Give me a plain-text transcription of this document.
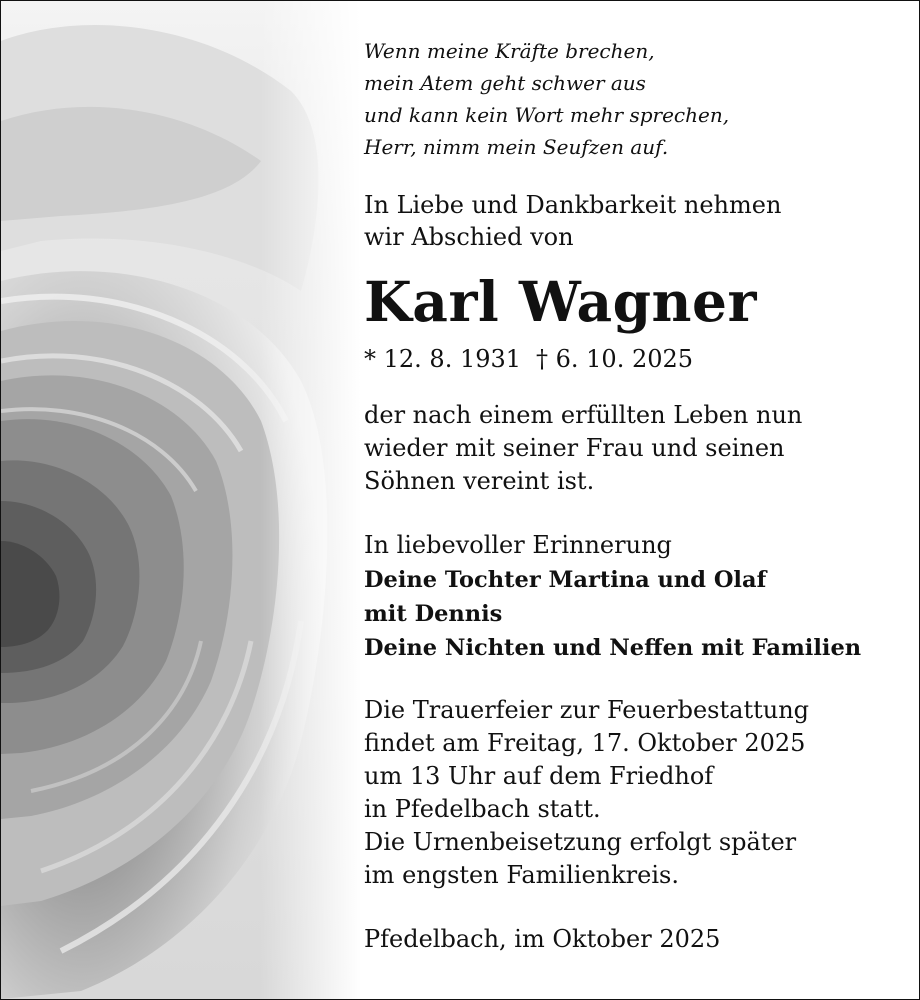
Wenn meine Kräfte brechen,
mein Atem geht schwer aus
und kann kein Wort mehr sprechen,
Herr, nimm mein Seufzen auf.
In Liebe und Dankbarkeit nehmen
wir Abschied von
Karl Wagner
* 12. 8. 1931 † 6. 10. 2025
der nach einem erfüllten Leben nun
wieder mit seiner Frau und seinen
Söhnen vereint ist.
In liebevoller Erinnerung
Deine Tochter Martina und Olaf
mit Dennis
Deine Nichten und Neffen mit Familien
Die Trauerfeier zur Feuerbestattung
findet am Freitag, 17. Oktober 2025
um 13 Uhr auf dem Friedhof
in Pfedelbach statt.
Die Urnenbeisetzung erfolgt später
im engsten Familienkreis.
Pfedelbach, im Oktober 2025
